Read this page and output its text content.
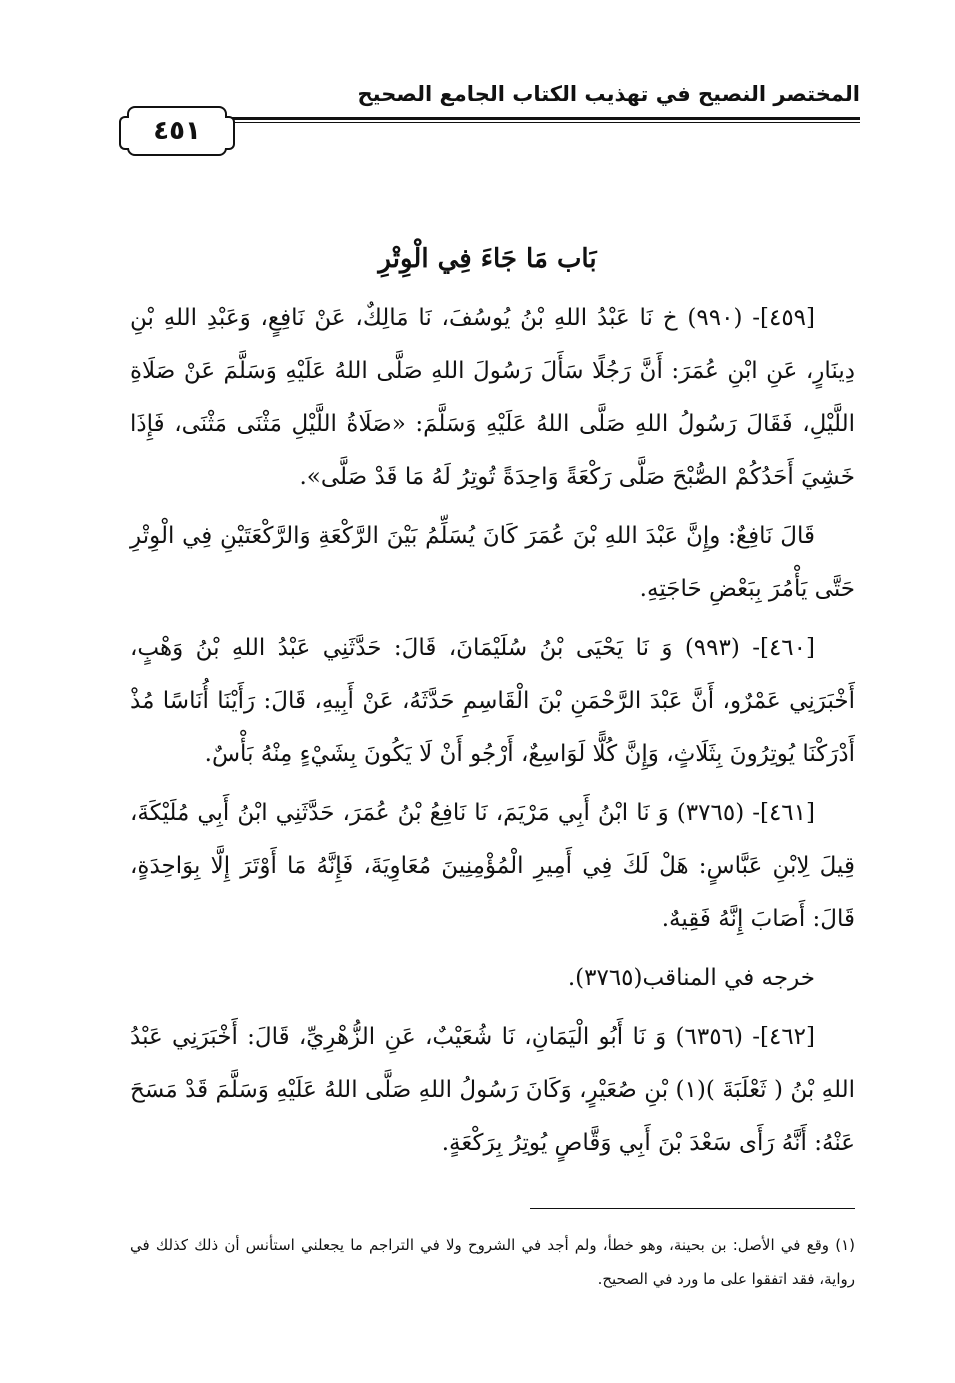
المختصر النصيح في تهذيب الكتاب الجامع الصحيح
٤٥١
بَاب مَا جَاءَ فِي الْوِتْرِ

[٤٥٩]- (٩٩٠) خ نَا عَبْدُ اللهِ بْنُ يُوسُفَ، نَا مَالِكٌ، عَنْ نَافِعٍ، وَعَبْدِ اللهِ بْنِ دِينَارٍ، عَنِ ابْنِ عُمَرَ: أَنَّ رَجُلًا سَأَلَ رَسُولَ اللهِ صَلَّى اللهُ عَلَيْهِ وَسَلَّمَ عَنْ صَلَاةِ اللَّيْلِ، فَقَالَ رَسُولُ اللهِ صَلَّى اللهُ عَلَيْهِ وَسَلَّمَ: «صَلَاةُ اللَّيْلِ مَثْنَى مَثْنَى، فَإِذَا خَشِيَ أَحَدُكُمْ الصُّبْحَ صَلَّى رَكْعَةً وَاحِدَةً تُوتِرُ لَهُ مَا قَدْ صَلَّى».

قَالَ نَافِعٌ: وإِنَّ عَبْدَ اللهِ بْنَ عُمَرَ كَانَ يُسَلِّمُ بَيْنَ الرَّكْعَةِ وَالرَّكْعَتَيْنِ فِي الْوِتْرِ حَتَّى يَأْمُرَ بِبَعْضِ حَاجَتِهِ.

[٤٦٠]- (٩٩٣) وَ نَا يَحْيَى بْنُ سُلَيْمَانَ، قَالَ: حَدَّثَنِي عَبْدُ اللهِ بْنُ وَهْبٍ، أَخْبَرَنِي عَمْرٌو، أَنَّ عَبْدَ الرَّحْمَنِ بْنَ الْقَاسِمِ حَدَّثَهُ، عَنْ أَبِيهِ، قَالَ: رَأَيْنَا أُنَاسًا مُذْ أَدْرَكْنَا يُوتِرُونَ بِثَلَاثٍ، وَإِنَّ كُلًّا لَوَاسِعٌ، أَرْجُو أَنْ لَا يَكُونَ بِشَيْءٍ مِنْهُ بَأْسٌ.

[٤٦١]- (٣٧٦٥) وَ نَا ابْنُ أَبِي مَرْيَمَ، نَا نَافِعُ بْنُ عُمَرَ، حَدَّثَنِي ابْنُ أَبِي مُلَيْكَةَ، قِيلَ لِابْنِ عَبَّاسٍ: هَلْ لَكَ فِي أَمِيرِ الْمُؤْمِنِينَ مُعَاوِيَةَ، فَإِنَّهُ مَا أَوْتَرَ إِلَّا بِوَاحِدَةٍ، قَالَ: أَصَابَ إِنَّهُ فَقِيهٌ.

خرجه في المناقب(٣٧٦٥).

[٤٦٢]- (٦٣٥٦) وَ نَا أَبُو الْيَمَانِ، نَا شُعَيْبٌ، عَنِ الزُّهْرِيِّ، قَالَ: أَخْبَرَنِي عَبْدُ اللهِ بْنُ ( ثَعْلَبَةَ )(١) بْنِ صُعَيْرٍ، وَكَانَ رَسُولُ اللهِ صَلَّى اللهُ عَلَيْهِ وَسَلَّمَ قَدْ مَسَحَ عَنْهُ: أَنَّهُ رَأَى سَعْدَ بْنَ أَبِي وَقَّاصٍ يُوتِرُ بِرَكْعَةٍ.

(١) وقع في الأصل: بن بحينة، وهو خطأ، ولم أجد في الشروح ولا في التراجم ما يجعلني استأنس أن ذلك كذلك في رواية، فقد اتفقوا على ما ورد في الصحيح.
